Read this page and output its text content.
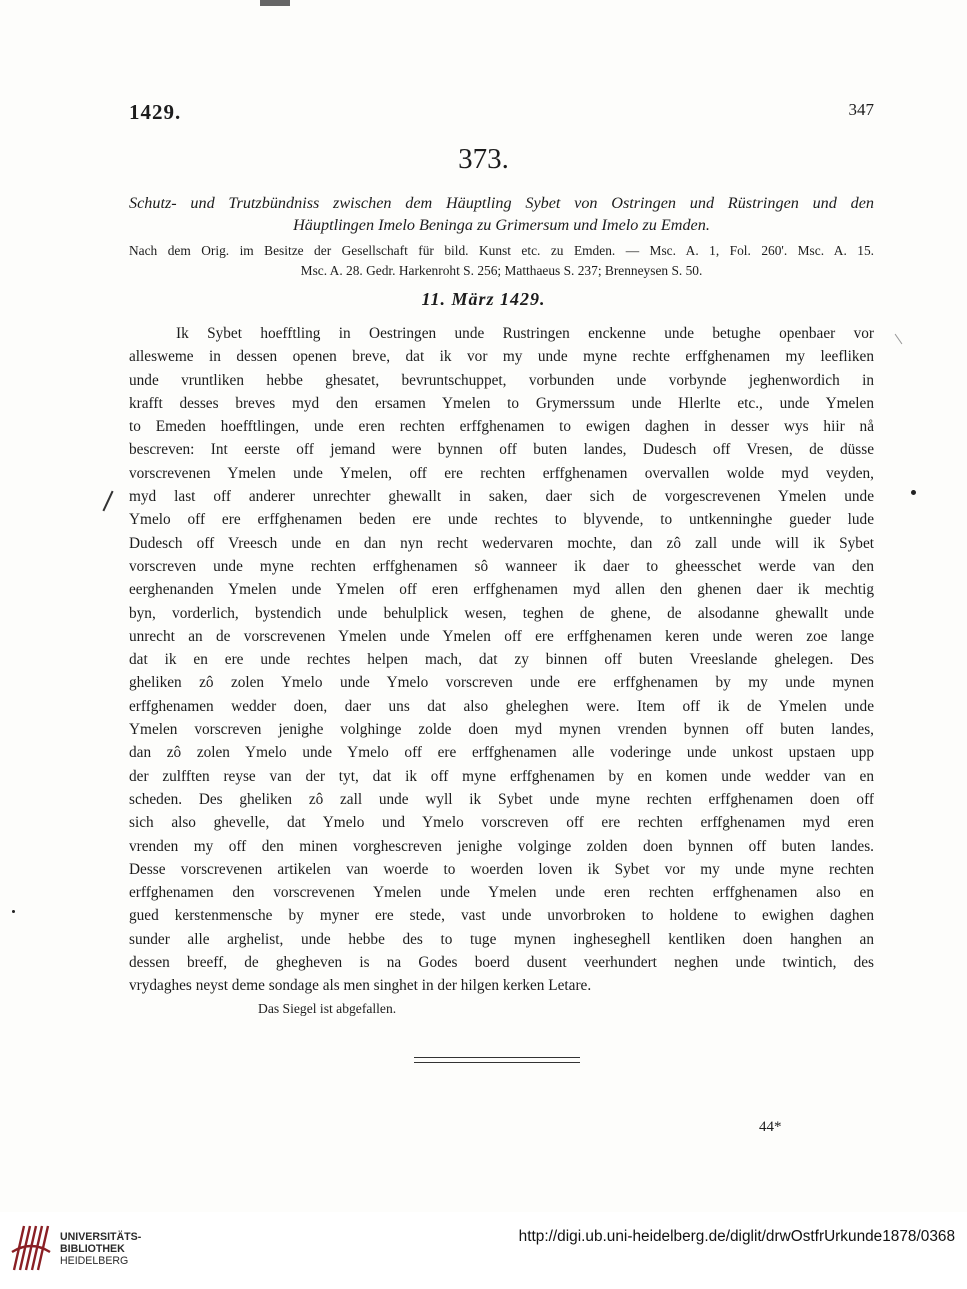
1429.	347
373.
Schutz- und Trutzbündniss zwischen dem Häuptling Sybet von Ostringen und Rüstringen und den
Häuptlingen Imelo Beninga zu Grimersum und Imelo zu Emden.
Nach dem Orig. im Besitze der Gesellschaft für bild. Kunst etc. zu Emden. — Msc. A. 1, Fol. 260'. Msc. A. 15.
Msc. A. 28. Gedr. Harkenroht S. 256; Matthaeus S. 237; Brenneysen S. 50.
11. März 1429.
Ik Sybet hoefftling in Oestringen unde Rustringen enckenne unde betughe openbaer vor
allesweme in dessen openen breve, dat ik vor my unde myne rechte erffghenamen my leefliken
unde vruntliken hebbe ghesatet, bevruntschuppet, vorbunden unde vorbynde jeghenwordich in
krafft desses breves myd den ersamen Ymelen to Grymerssum unde Hlerlte etc., unde Ymelen
to Emeden hoefftlingen, unde eren rechten erffghenamen to ewigen daghen in desser wys hiir nå
bescreven: Int eerste off jemand were bynnen off buten landes, Dudesch off Vresen, de düsse
vorscrevenen Ymelen unde Ymelen, off ere rechten erffghenamen overvallen wolde myd veyden,
myd last off anderer unrechter ghewallt in saken, daer sich de vorgescrevenen Ymelen unde
Ymelo off ere erffghenamen beden ere unde rechtes to blyvende, to untkenninghe gueder lude
Dudesch off Vreesch unde en dan nyn recht wedervaren mochte, dan zô zall unde will ik Sybet
vorscreven unde myne rechten erffghenamen sô wanneer ik daer to gheesschet werde van den
eerghenanden Ymelen unde Ymelen off eren erffghenamen myd allen den ghenen daer ik mechtig
byn, vorderlich, bystendich unde behulplick wesen, teghen de ghene, de alsodanne ghewallt unde
unrecht an de vorscrevenen Ymelen unde Ymelen off ere erffghenamen keren unde weren zoe lange
dat ik en ere unde rechtes helpen mach, dat zy binnen off buten Vreeslande ghelegen. Des
gheliken zô zolen Ymelo unde Ymelo vorscreven unde ere erffghenamen by my unde mynen
erffghenamen wedder doen, daer uns dat also gheleghen were. Item off ik de Ymelen unde
Ymelen vorscreven jenighe volghinge zolde doen myd mynen vrenden bynnen off buten landes,
dan zô zolen Ymelo unde Ymelo off ere erffghenamen alle voderinge unde unkost upstaen upp
der zulfften reyse van der tyt, dat ik off myne erffghenamen by en komen unde wedder van en
scheden. Des gheliken zô zall unde wyll ik Sybet unde myne rechten erffghenamen doen off
sich also ghevelle, dat Ymelo und Ymelo vorscreven off ere rechten erffghenamen myd eren
vrenden my off den minen vorghescreven jenighe volginge zolden doen bynnen off buten landes.
Desse vorscrevenen artikelen van woerde to woerden loven ik Sybet vor my unde myne rechten
erffghenamen den vorscrevenen Ymelen unde Ymelen unde eren rechten erffghenamen also en
gued kerstenmensche by myner ere stede, vast unde unvorbroken to holdene to ewighen daghen
sunder alle arghelist, unde hebbe des to tuge mynen ingheseghell kentliken doen hanghen an
dessen breeff, de ghegheven is na Godes boerd dusent veerhundert neghen unde twintich, des
vrydaghes neyst deme sondage als men singhet in der hilgen kerken Letare.
Das Siegel ist abgefallen.
44*
UNIVERSITÄTS-
BIBLIOTHEK
HEIDELBERG
http://digi.ub.uni-heidelberg.de/diglit/drwOstfrUrkunde1878/0368
